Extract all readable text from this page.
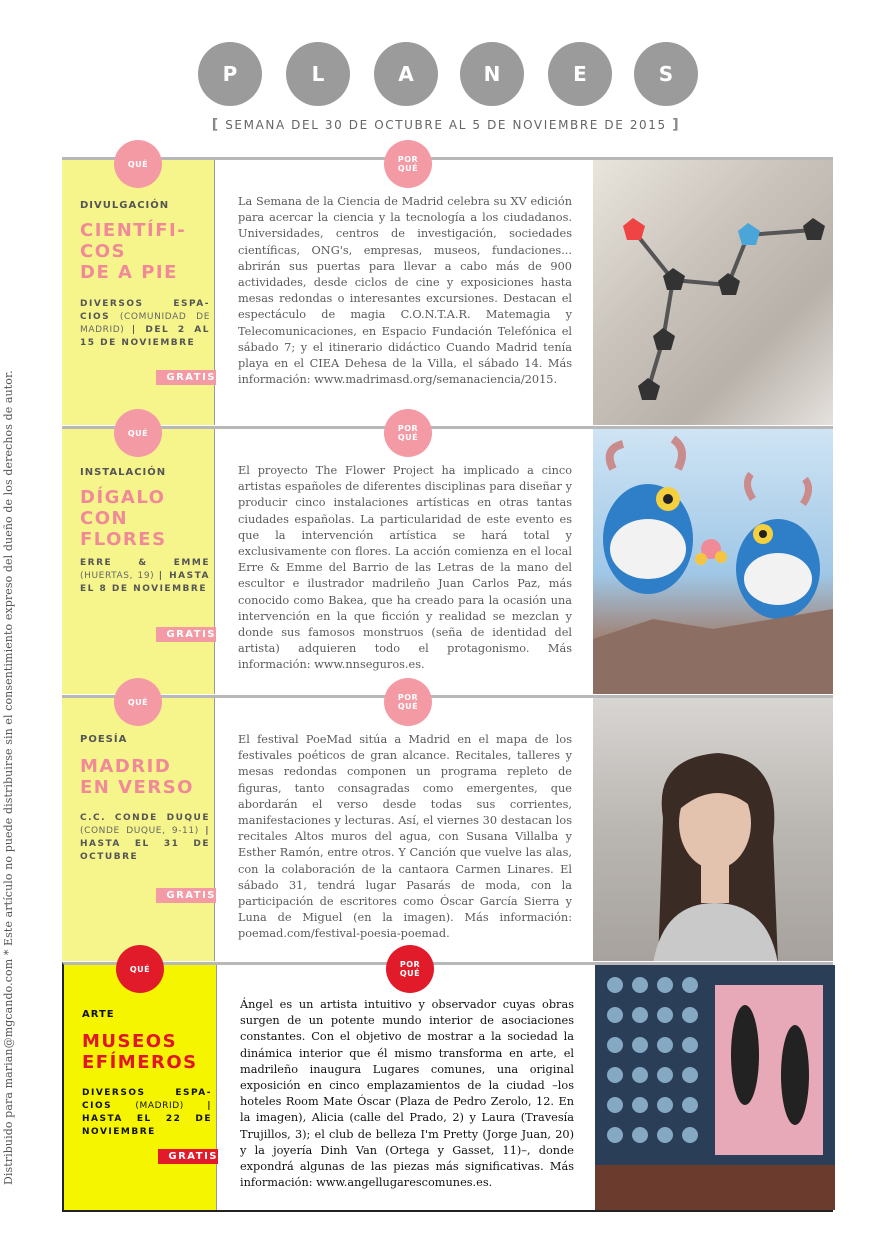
Distribuido para marian@mgcando.com * Este artículo no puede distribuirse sin el consentimiento expreso del dueño de los derechos de autor.
P	L	A	N	E	S
[ SEMANA DEL 30 DE OCTUBRE AL 5 DE NOVIEMBRE DE 2015 ]
DIVULGACIÓN
CIENTÍFI-
COS
DE A PIE
DIVERSOS ESPA-CIOS (COMUNIDAD DE MADRID) | DEL 2 AL 15 DE NOVIEMBRE
GRATIS
QUÉ
La Semana de la Ciencia de Madrid celebra su XV edición para acercar la ciencia y la tecnología a los ciudadanos. Universidades, centros de investigación, sociedades científicas, ONG's, empresas, museos, fundaciones... abrirán sus puertas para llevar a cabo más de 900 actividades, desde ciclos de cine y exposiciones hasta mesas redondas o interesantes excursiones. Destacan el espectáculo de magia C.O.N.T.A.R. Matemagia y Telecomunicaciones, en Espacio Fundación Telefónica el sábado 7; y el itinerario didáctico Cuando Madrid tenía playa en el CIEA Dehesa de la Villa, el sábado 14. Más información: www.madrimasd.org/semanaciencia/2015.
POR
QUÉ
INSTALACIÓN
DÍGALO
CON
FLORES
ERRE & EMME (HUERTAS, 19) | HASTA EL 8 DE NOVIEMBRE
GRATIS
QUÉ
El proyecto The Flower Project ha implicado a cinco artistas españoles de diferentes disciplinas para diseñar y producir cinco instalaciones artísticas en otras tantas ciudades españolas. La particularidad de este evento es que la intervención artística se hará total y exclusivamente con flores. La acción comienza en el local Erre & Emme del Barrio de las Letras de la mano del escultor e ilustrador madrileño Juan Carlos Paz, más conocido como Bakea, que ha creado para la ocasión una intervención en la que ficción y realidad se mezclan y donde sus famosos monstruos (seña de identidad del artista) adquieren todo el protagonismo. Más información: www.nnseguros.es.
POR
QUÉ
POESÍA
MADRID
EN VERSO
C.C. CONDE DUQUE (CONDE DUQUE, 9-11) | HASTA EL 31 DE OCTUBRE
GRATIS
QUÉ
El festival PoeMad sitúa a Madrid en el mapa de los festivales poéticos de gran alcance. Recitales, talleres y mesas redondas componen un programa repleto de figuras, tanto consagradas como emergentes, que abordarán el verso desde todas sus corrientes, manifestaciones y lecturas. Así, el viernes 30 destacan los recitales Altos muros del agua, con Susana Villalba y Esther Ramón, entre otros. Y Canción que vuelve las alas, con la colaboración de la cantaora Carmen Linares. El sábado 31, tendrá lugar Pasarás de moda, con la participación de escritores como Óscar García Sierra y Luna de Miguel (en la imagen). Más información: poemad.com/festival-poesia-poemad.
POR
QUÉ
ARTE
MUSEOS
EFÍMEROS
DIVERSOS ESPA-CIOS	(MADRID)	| HASTA EL 22 DE NOVIEMBRE
GRATIS
QUÉ
Ángel es un artista intuitivo y observador cuyas obras surgen de un potente mundo interior de asociaciones constantes. Con el objetivo de mostrar a la sociedad la dinámica interior que él mismo transforma en arte, el madrileño inaugura Lugares comunes, una original exposición en cinco emplazamientos de la ciudad –los hoteles Room Mate Óscar (Plaza de Pedro Zerolo, 12. En la imagen), Alicia (calle del Prado, 2) y Laura (Travesía Trujillos, 3); el club de belleza I'm Pretty (Jorge Juan, 20) y la joyería Dinh Van (Ortega y Gasset, 11)–, donde expondrá algunas de las piezas más significativas. Más información: www.angellugarescomunes.es.
POR
QUÉ
